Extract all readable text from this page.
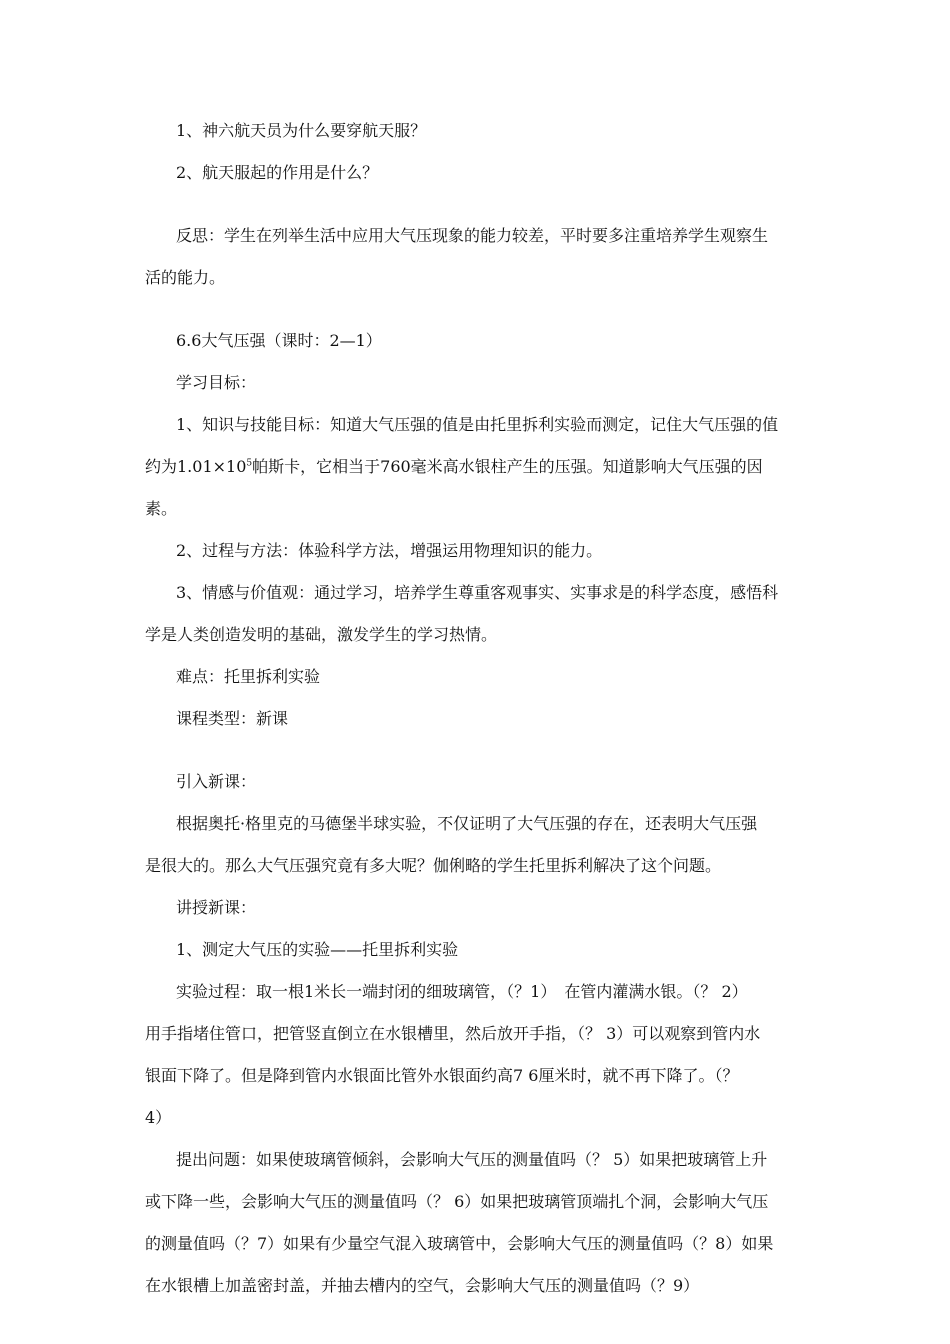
1、神六航天员为什么要穿航天服？
2、航天服起的作用是什么？
反思：学生在列举生活中应用大气压现象的能力较差，平时要多注重培养学生观察生
活的能力。
6.6大气压强（课时：2—1）
学习目标：
1、知识与技能目标：知道大气压强的值是由托里拆利实验而测定，记住大气压强的值
约为$1.01\times 10^5$帕斯卡，它相当于760毫米高水银柱产生的压强。知道影响大气压强的因
素。
2、过程与方法：体验科学方法，增强运用物理知识的能力。
3、情感与价值观：通过学习，培养学生尊重客观事实、实事求是的科学态度，感悟科
学是人类创造发明的基础，激发学生的学习热情。
难点：托里拆利实验
课程类型：新课
引入新课：
根据奥托·格里克的马德堡半球实验，不仅证明了大气压强的存在，还表明大气压强
是很大的。那么大气压强究竟有多大呢？伽俐略的学生托里拆利解决了这个问题。
讲授新课：
1、测定大气压的实验——托里拆利实验
实验过程：取一根1米长一端封闭的细玻璃管，（？1）　在管内灌满水银。（？ 2）
用手指堵住管口，把管竖直倒立在水银槽里，然后放开手指，（？ 3）可以观察到管内水
银面下降了。但是降到管内水银面比管外水银面约高7 6厘米时，就不再下降了。（？
4）
提出问题：如果使玻璃管倾斜，会影响大气压的测量值吗（？ 5）如果把玻璃管上升
或下降一些，会影响大气压的测量值吗（？ 6）如果把玻璃管顶端扎个洞，会影响大气压
的测量值吗（？7）如果有少量空气混入玻璃管中，会影响大气压的测量值吗（？8）如果
在水银槽上加盖密封盖，并抽去槽内的空气，会影响大气压的测量值吗（？9）
